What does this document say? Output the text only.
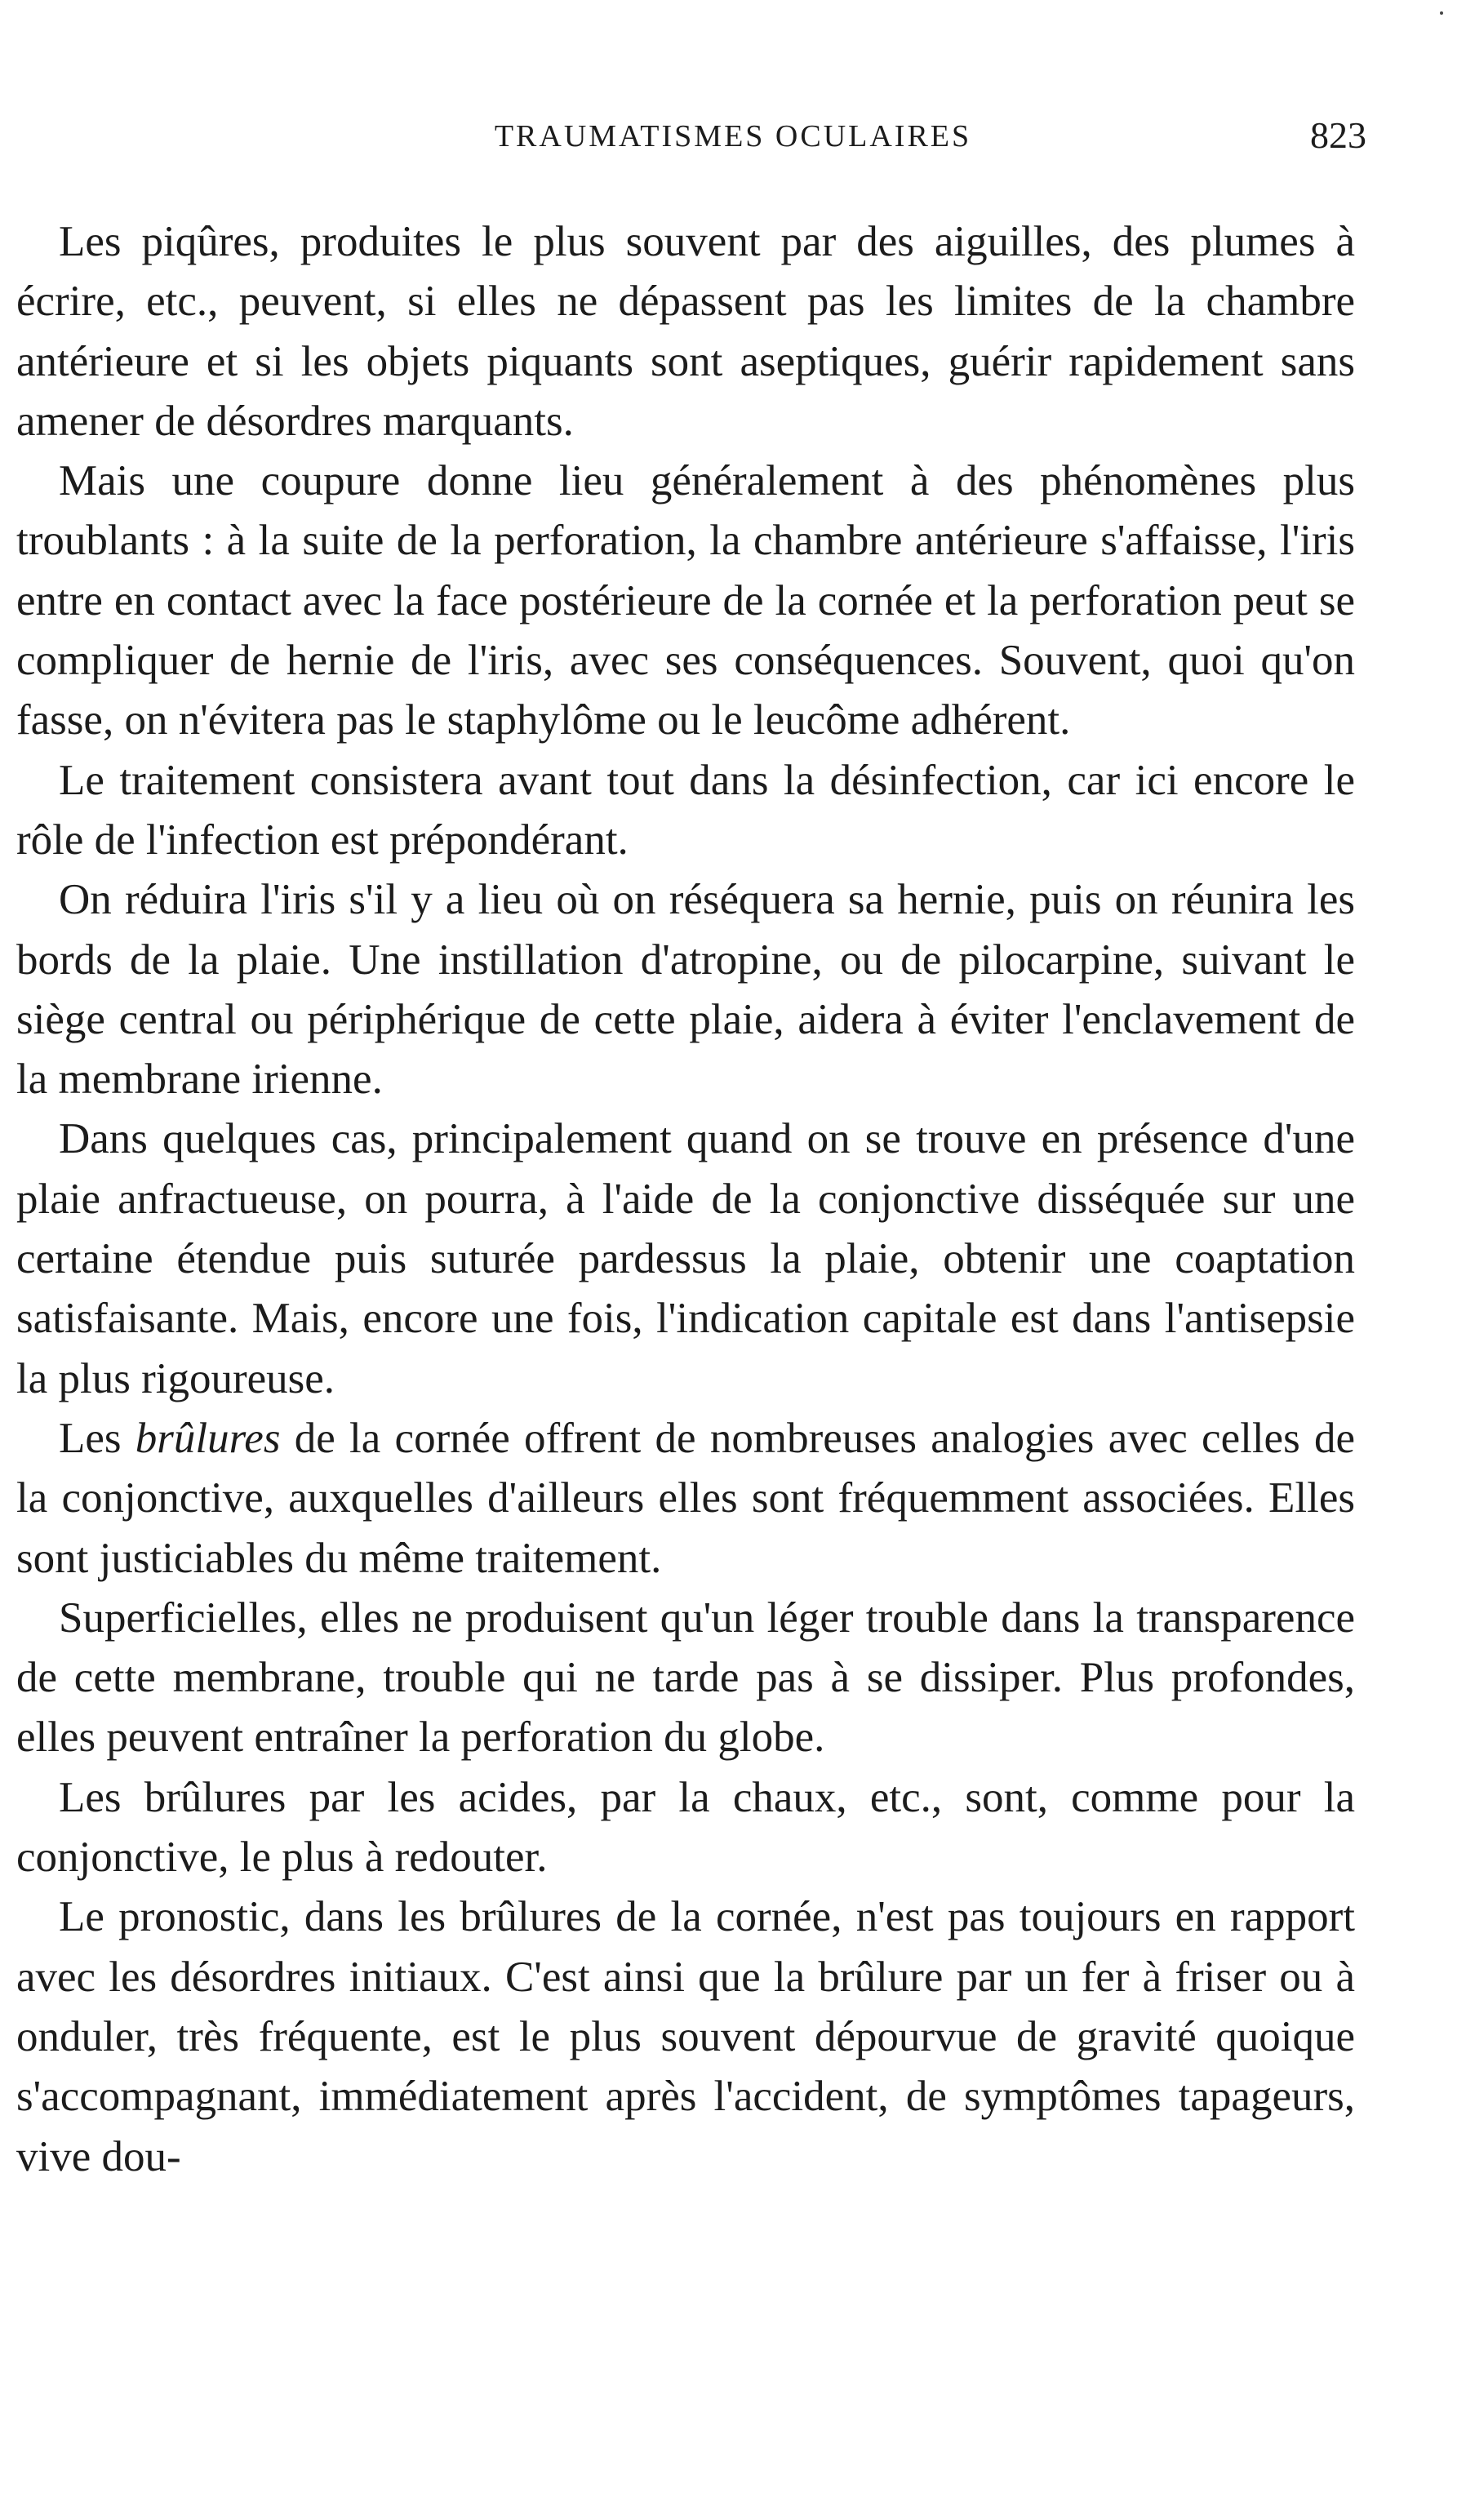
TRAUMATISMES OCULAIRES	823

Les piqûres, produites le plus souvent par des aiguilles, des plumes à écrire, etc., peuvent, si elles ne dépassent pas les limites de la chambre antérieure et si les objets piquants sont aseptiques, guérir rapidement sans amener de désordres marquants.

Mais une coupure donne lieu généralement à des phénomènes plus troublants : à la suite de la perforation, la chambre antérieure s'affaisse, l'iris entre en contact avec la face postérieure de la cornée et la perforation peut se compliquer de hernie de l'iris, avec ses conséquences. Souvent, quoi qu'on fasse, on n'évitera pas le staphylôme ou le leucôme adhérent.

Le traitement consistera avant tout dans la désinfection, car ici encore le rôle de l'infection est prépondérant.

On réduira l'iris s'il y a lieu où on réséquera sa hernie, puis on réunira les bords de la plaie. Une instillation d'atropine, ou de pilocarpine, suivant le siège central ou périphérique de cette plaie, aidera à éviter l'enclavement de la membrane irienne.

Dans quelques cas, principalement quand on se trouve en présence d'une plaie anfractueuse, on pourra, à l'aide de la conjonctive disséquée sur une certaine étendue puis suturée pardessus la plaie, obtenir une coaptation satisfaisante. Mais, encore une fois, l'indication capitale est dans l'antisepsie la plus rigoureuse.

Les brûlures de la cornée offrent de nombreuses analogies avec celles de la conjonctive, auxquelles d'ailleurs elles sont fréquemment associées. Elles sont justiciables du même traitement.

Superficielles, elles ne produisent qu'un léger trouble dans la transparence de cette membrane, trouble qui ne tarde pas à se dissiper. Plus profondes, elles peuvent entraîner la perforation du globe.

Les brûlures par les acides, par la chaux, etc., sont, comme pour la conjonctive, le plus à redouter.

Le pronostic, dans les brûlures de la cornée, n'est pas toujours en rapport avec les désordres initiaux. C'est ainsi que la brûlure par un fer à friser ou à onduler, très fréquente, est le plus souvent dépourvue de gravité quoique s'accompagnant, immédiatement après l'accident, de symptômes tapageurs, vive dou-
